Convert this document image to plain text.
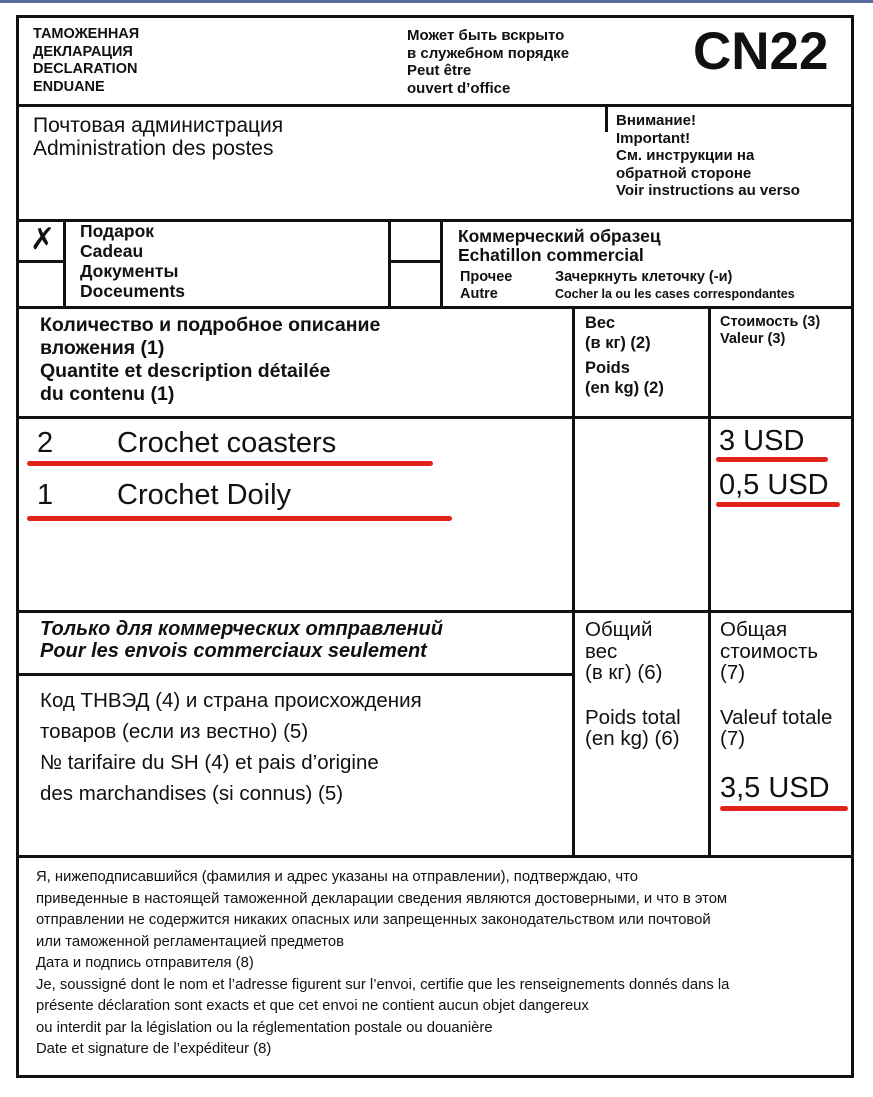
ТАМОЖЕННАЯ
ДЕКЛАРАЦИЯ
DECLARATION
ENDUANE
Может быть вскрыто
в служебном порядке
Peut être
ouvert d’office
CN22
Почтовая администрация
Administration des postes
Внимание!
Important!
См. инструкции на
обратной стороне
Voir instructions au verso
✗ Подарок
Cadeau
Документы
Doceuments
Коммерческий образец
Echatillon commercial
Прочее
Autre
Зачеркнуть клеточку (-и)
Cocher la ou les cases correspondantes
Количество и подробное описание
вложения (1)
Quantite et description détailée
du contenu (1)
Вес
(в кг) (2)
Poids
(en kg) (2)
Стоимость (3)
Valeur (3)
2 Crochet coasters
1 Crochet Doily
3 USD
0,5 USD
Только для коммерческих отправлений
Pour les envois commerciaux seulement
Код ТНВЭД (4) и страна происхождения
товаров (если из вестно) (5)
№ tarifaire du SH (4) et pais d’origine
des marchandises (si connus) (5)
Общий
вес
(в кг) (6)
Poids total
(en kg) (6)
Общая
стоимость
(7)
Valeuf totale
(7)
3,5 USD

Я, нижеподписавшийся (фамилия и адрес указаны на отправлении), подтверждаю, что

приведенные в настоящей таможенной декларации сведения являются достоверными, и что в этом

отправлении не содержится никаких опасных или запрещенных законодательством или почтовой

или таможенной регламентацией предметов

Дата и подпись отправителя (8)

Je, soussigné dont le nom et l’adresse figurent sur l’envoi, certifie que les renseignements donnés dans la

présente déclaration sont exacts et que cet envoi ne contient aucun objet dangereux

ou interdit par la législation ou la réglementation postale ou douanière

Date et signature de l’expéditeur (8)
